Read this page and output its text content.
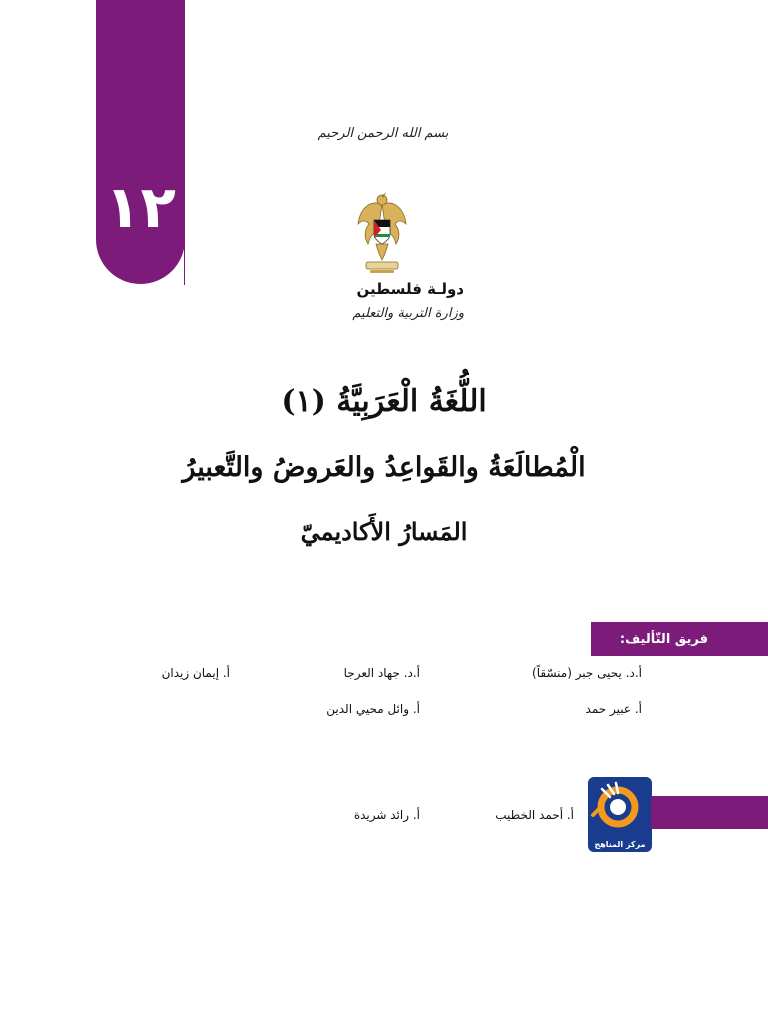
١٢
بسم الله الرحمن الرحيم
دولـة فلسطين
وزارة التربية والتعليم
اللُّغَةُ الْعَرَبِيَّةُ (١)
الْمُطالَعَةُ والقَواعِدُ والعَروضُ والتَّعبيرُ
المَسارُ الأَكاديميّ
فريق التّأليف:
أ.د. يحيى جبر (منسّقاً)
أ.د. جهاد العرجا
أ. إيمان زيدان
أ. عبير حمد
أ. وائل محيي الدين
مركز المناهج
أ. أحمد الخطيب
أ. رائد شريدة
